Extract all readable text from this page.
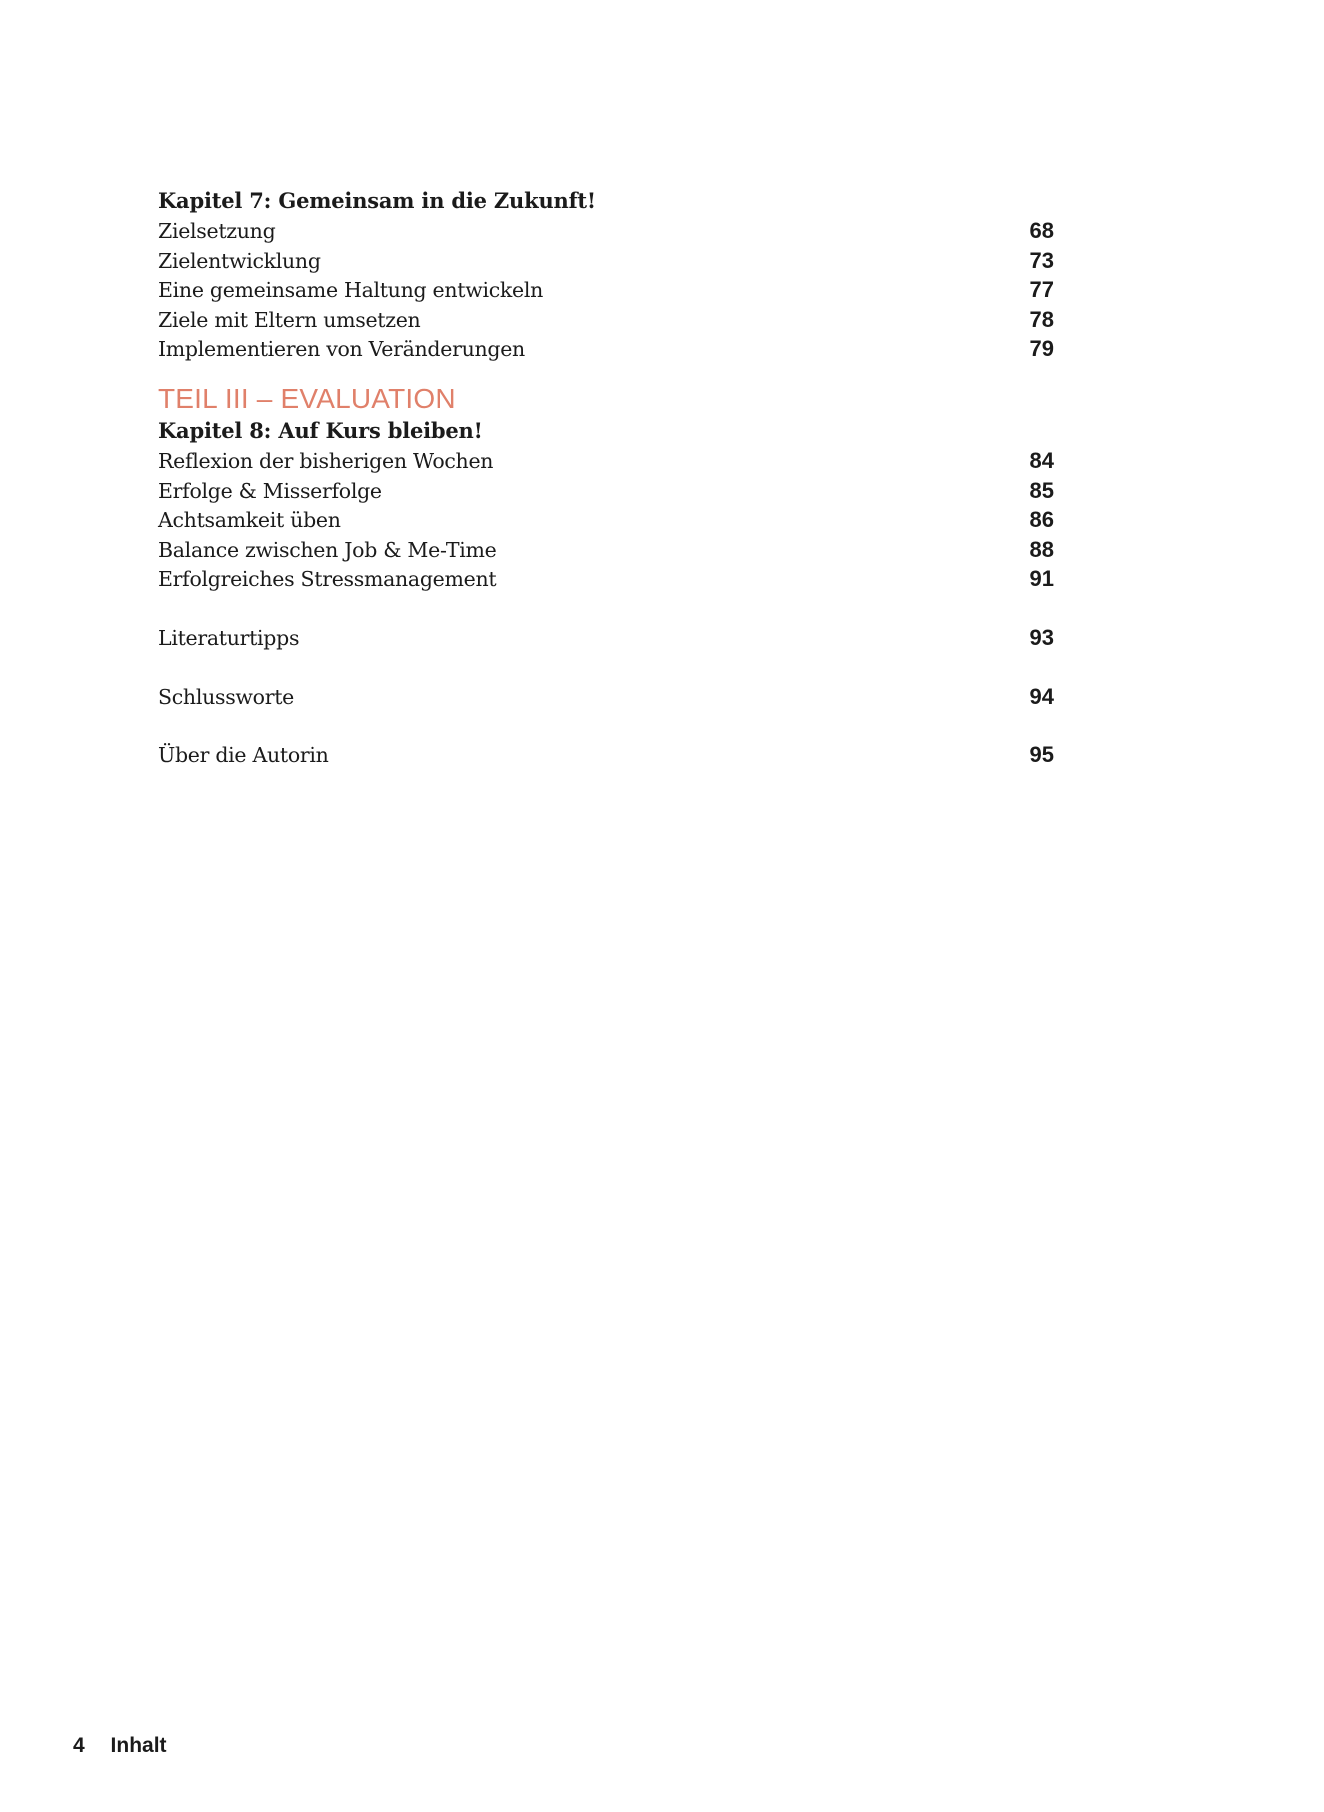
Kapitel 7: Gemeinsam in die Zukunft!
Zielsetzung	68
Zielentwicklung	73
Eine gemeinsame Haltung entwickeln	77
Ziele mit Eltern umsetzen	78
Implementieren von Veränderungen	79
TEIL III – EVALUATION
Kapitel 8: Auf Kurs bleiben!
Reflexion der bisherigen Wochen	84
Erfolge & Misserfolge	85
Achtsamkeit üben	86
Balance zwischen Job & Me-Time	88
Erfolgreiches Stressmanagement	91
Literaturtipps	93
Schlussworte	94
Über die Autorin	95
4 Inhalt
